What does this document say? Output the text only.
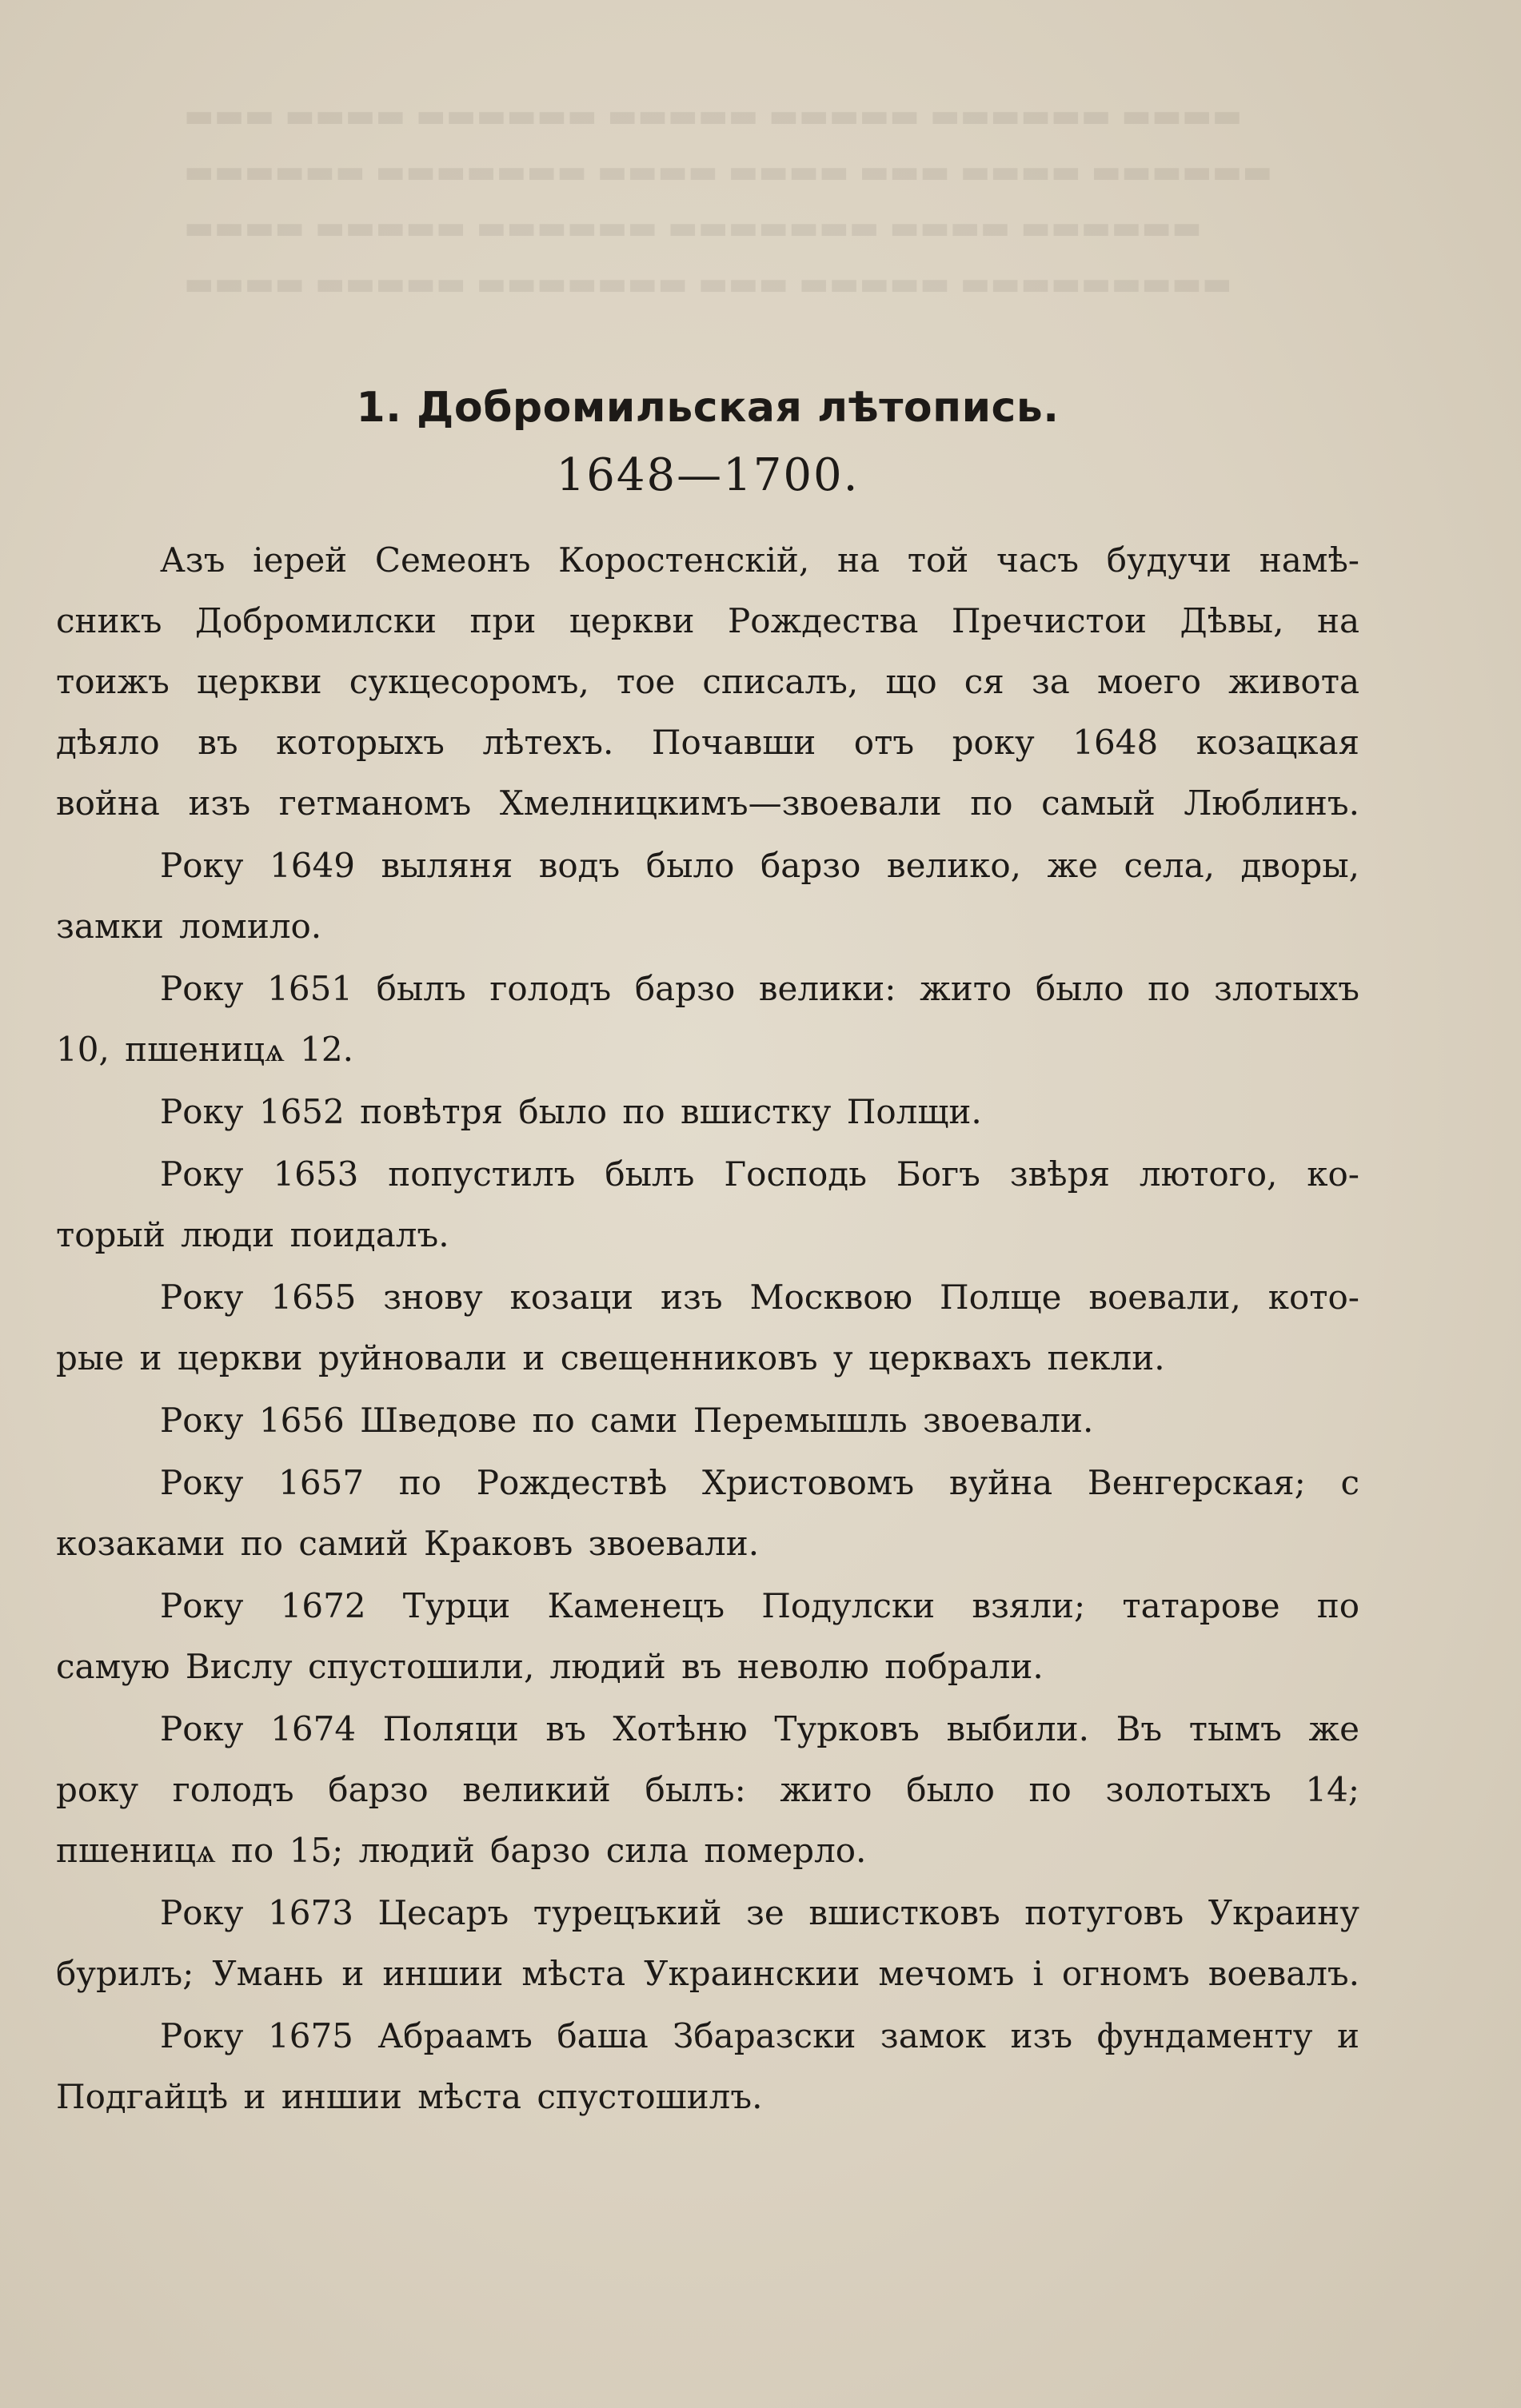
▬▬▬ ▬▬▬▬ ▬▬▬▬▬▬ ▬▬▬▬▬ ▬▬▬▬▬ ▬▬▬▬▬▬ ▬▬▬▬
▬▬▬▬▬▬ ▬▬▬▬▬▬▬ ▬▬▬▬ ▬▬▬▬ ▬▬▬ ▬▬▬▬ ▬▬▬▬▬▬
▬▬▬▬ ▬▬▬▬▬ ▬▬▬▬▬▬ ▬▬▬▬▬▬▬ ▬▬▬▬ ▬▬▬▬▬▬
▬▬▬▬ ▬▬▬▬▬ ▬▬▬▬▬▬▬ ▬▬▬ ▬▬▬▬▬ ▬▬▬▬▬▬▬▬▬
1. Добромильская лѣтопись.
1648—1700.
Азъ іерей Семеонъ Коростенскій, на той часъ будучи намѣ-
сникъ Добромилски при церкви Рождества Пречистои Дѣвы, на
тоижъ церкви сукцесоромъ, тое списалъ, що ся за моего живота
дѣяло въ которыхъ лѣтехъ. Почавши отъ року 1648 козацкая
война изъ гетманомъ Хмелницкимъ—звоевали по самый Люблинъ.
Року 1649 выляня водъ было барзо велико, же села, дворы,
замки ломило.
Року 1651 былъ голодъ барзо велики: жито было по злотыхъ
10, пшеницѧ 12.
Року 1652 повѣтря было по вшистку Полщи.
Року 1653 попустилъ былъ Господь Богъ звѣря лютого, ко-
торый люди поидалъ.
Року 1655 знову козаци изъ Москвою Полще воевали, кото-
рые и церкви руйновали и свещенниковъ у церквахъ пекли.
Року 1656 Шведове по сами Перемышль звоевали.
Року 1657 по Рождествѣ Христовомъ вуйна Венгерская; с
козаками по самий Краковъ звоевали.
Року 1672 Турци Каменецъ Подулски взяли; татарове по
самую Вислу спустошили, людий въ неволю побрали.
Року 1674 Поляци въ Хотѣню Турковъ выбили. Въ тымъ же
року голодъ барзо великий былъ: жито было по золотыхъ 14;
пшеницѧ по 15; людий барзо сила померло.
Року 1673 Цесаръ турецъкий зе вшистковъ потуговъ Украину
бурилъ; Умань и иншии мѣста Украинскии мечомъ і огномъ воевалъ.
Року 1675 Абраамъ баша Збаразски замок изъ фундаменту и
Подгайцѣ и иншии мѣста спустошилъ.
